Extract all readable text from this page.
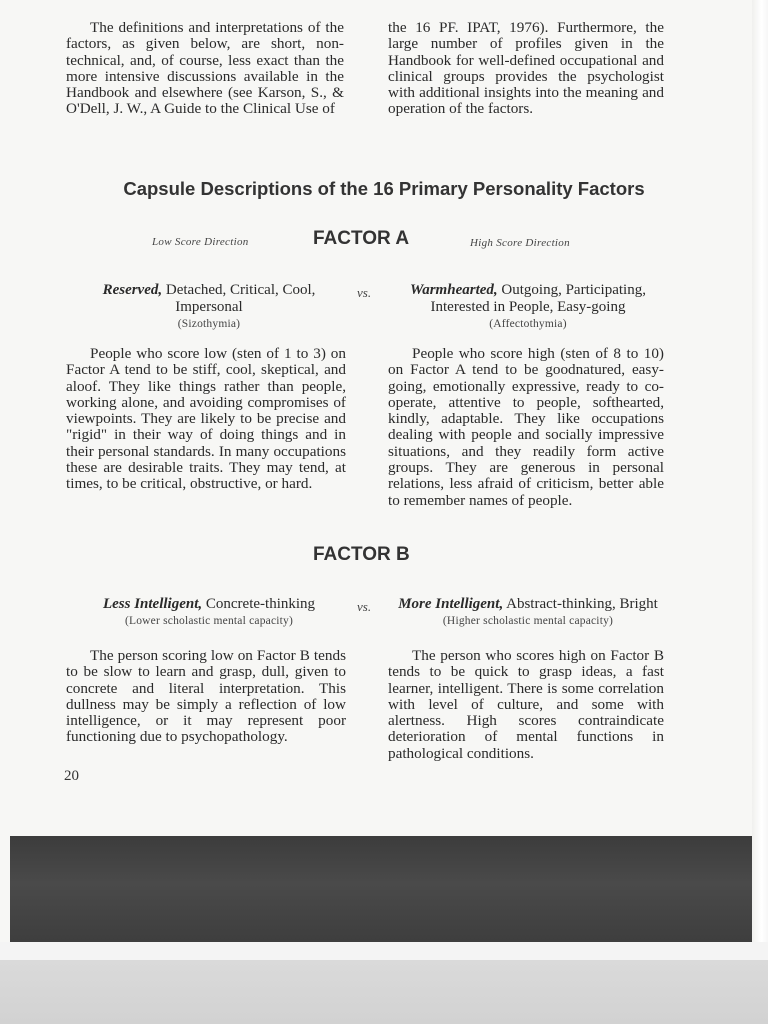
The definitions and interpretations of the factors, as given below, are short, non-technical, and, of course, less exact than the more intensive discussions available in the Handbook and elsewhere (see Karson, S., & O'Dell, J. W., A Guide to the Clinical Use of

the 16 PF. IPAT, 1976). Furthermore, the large number of profiles given in the Handbook for well-defined occupational and clinical groups provides the psychologist with additional insights into the meaning and operation of the factors.

Capsule Descriptions of the 16 Primary Personality Factors
Low Score Direction	FACTOR A	High Score Direction
Reserved, Detached, Critical, Cool, Impersonal
(Sizothymia)
vs.	Warmhearted, Outgoing, Participating, Interested in People, Easy-going
(Affectothymia)

People who score low (sten of 1 to 3) on Factor A tend to be stiff, cool, skeptical, and aloof. They like things rather than people, working alone, and avoiding compromises of viewpoints. They are likely to be precise and "rigid" in their way of doing things and in their personal standards. In many occupations these are desirable traits. They may tend, at times, to be critical, obstructive, or hard.

People who score high (sten of 8 to 10) on Factor A tend to be goodnatured, easy-going, emotionally expressive, ready to co-operate, attentive to people, softhearted, kindly, adaptable. They like occupations dealing with people and socially impressive situations, and they readily form active groups. They are generous in personal relations, less afraid of criticism, better able to remember names of people.

FACTOR B
Less Intelligent, Concrete-thinking
(Lower scholastic mental capacity)
vs.	More Intelligent, Abstract-thinking, Bright
(Higher scholastic mental capacity)

The person scoring low on Factor B tends to be slow to learn and grasp, dull, given to concrete and literal interpretation. This dullness may be simply a reflection of low intelligence, or it may represent poor functioning due to psychopathology.

The person who scores high on Factor B tends to be quick to grasp ideas, a fast learner, intelligent. There is some correlation with level of culture, and some with alertness. High scores contraindicate deterioration of mental functions in pathological conditions.

20
